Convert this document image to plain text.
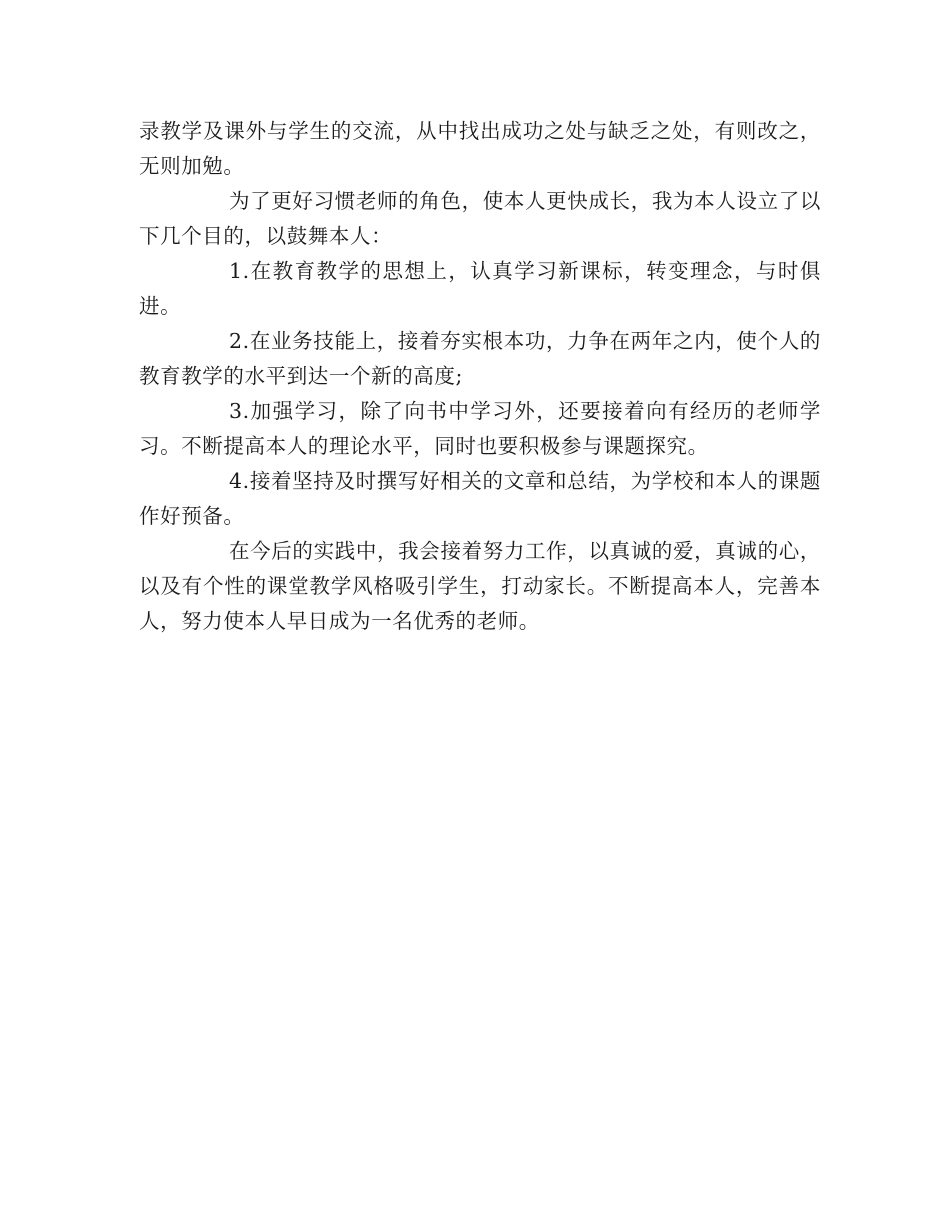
录教学及课外与学生的交流，从中找出成功之处与缺乏之处，有则改之，无则加勉。

为了更好习惯老师的角色，使本人更快成长，我为本人设立了以下几个目的，以鼓舞本人：

1.在教育教学的思想上，认真学习新课标，转变理念，与时俱进。

2.在业务技能上，接着夯实根本功，力争在两年之内，使个人的教育教学的水平到达一个新的高度;

3.加强学习，除了向书中学习外，还要接着向有经历的老师学习。不断提高本人的理论水平，同时也要积极参与课题探究。

4.接着坚持及时撰写好相关的文章和总结，为学校和本人的课题作好预备。

在今后的实践中，我会接着努力工作，以真诚的爱，真诚的心，以及有个性的课堂教学风格吸引学生，打动家长。不断提高本人，完善本人，努力使本人早日成为一名优秀的老师。
